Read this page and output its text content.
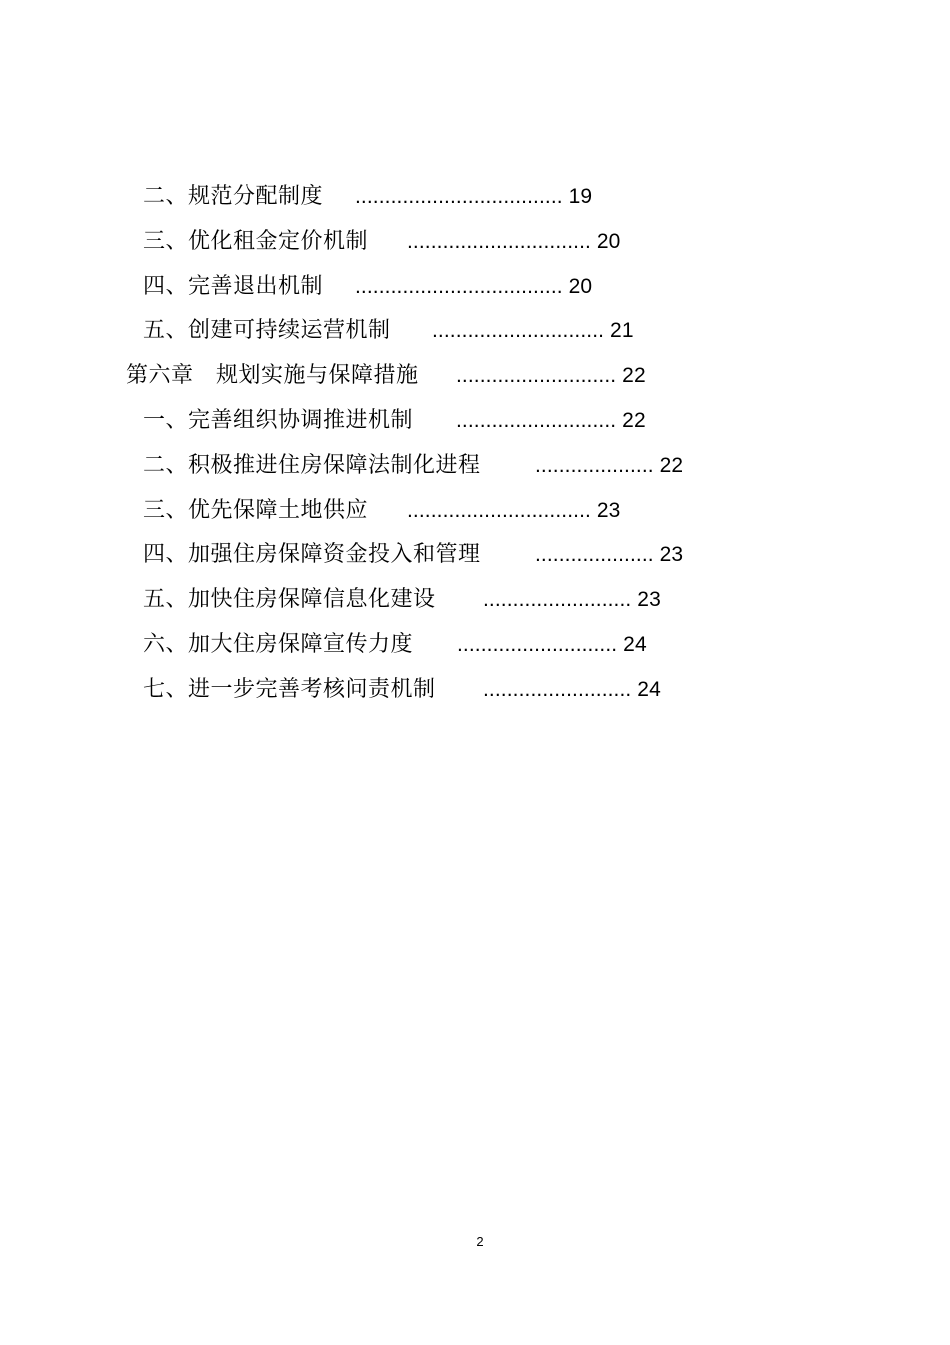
二、规范分配制度 ................................... 19
三、优化租金定价机制 ............................... 20
四、完善退出机制 ................................... 20
五、创建可持续运营机制 ............................. 21
第六章　规划实施与保障措施 ........................... 22
一、完善组织协调推进机制 ........................... 22
二、积极推进住房保障法制化进程	.................... 22
三、优先保障土地供应 ............................... 23
四、加强住房保障资金投入和管理	.................... 23
五、加快住房保障信息化建设 ......................... 23
六、加大住房保障宣传力度 ........................... 24
七、进一步完善考核问责机制 ......................... 24
2
